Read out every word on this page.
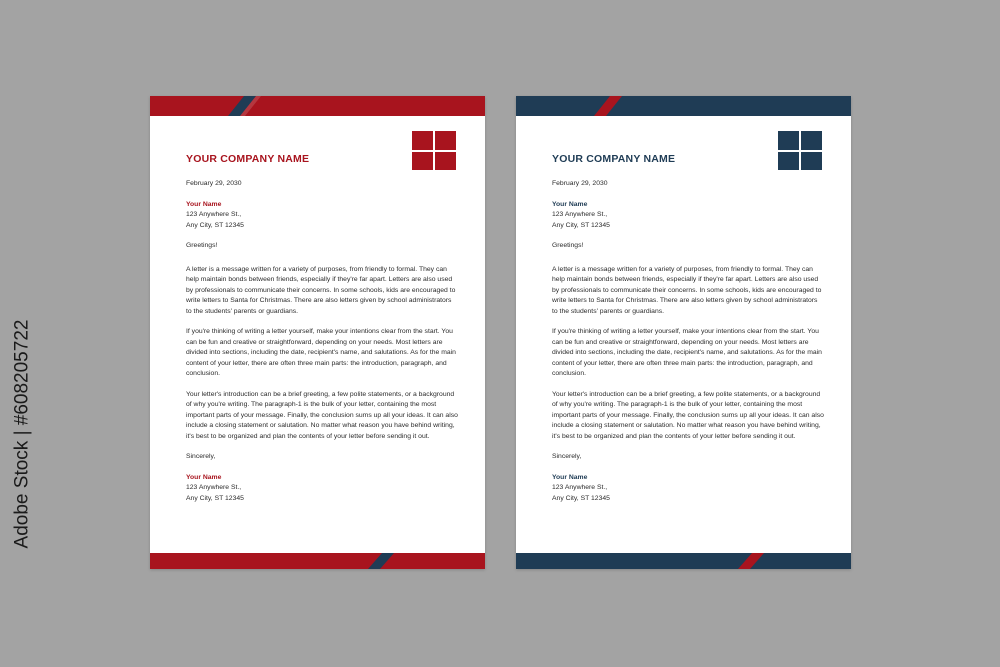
YOUR COMPANY NAME

February 29, 2030

Your Name

123 Anywhere St.,

Any City, ST 12345

Greetings!

A letter is a message written for a variety of purposes, from friendly to formal. They can help maintain bonds between friends, especially if they're far apart. Letters are also used by professionals to communicate their concerns. In some schools, kids are encouraged to write letters to Santa for Christmas. There are also letters given by school administrators to the students' parents or guardians.

If you're thinking of writing a letter yourself, make your intentions clear from the start. You can be fun and creative or straightforward, depending on your needs. Most letters are divided into sections, including the date, recipient's name, and salutations. As for the main content of your letter, there are often three main parts: the introduction, paragraph, and conclusion.

Your letter's introduction can be a brief greeting, a few polite statements, or a background of why you're writing. The paragraph-1 is the bulk of your letter, containing the most important parts of your message. Finally, the conclusion sums up all your ideas. It can also include a closing statement or salutation. No matter what reason you have behind writing, it's best to be organized and plan the contents of your letter before sending it out.

Sincerely,

Your Name

123 Anywhere St.,

Any City, ST 12345

YOUR COMPANY NAME

February 29, 2030

Your Name

123 Anywhere St.,

Any City, ST 12345

Greetings!

A letter is a message written for a variety of purposes, from friendly to formal. They can help maintain bonds between friends, especially if they're far apart. Letters are also used by professionals to communicate their concerns. In some schools, kids are encouraged to write letters to Santa for Christmas. There are also letters given by school administrators to the students' parents or guardians.

If you're thinking of writing a letter yourself, make your intentions clear from the start. You can be fun and creative or straightforward, depending on your needs. Most letters are divided into sections, including the date, recipient's name, and salutations. As for the main content of your letter, there are often three main parts: the introduction, paragraph, and conclusion.

Your letter's introduction can be a brief greeting, a few polite statements, or a background of why you're writing. The paragraph-1 is the bulk of your letter, containing the most important parts of your message. Finally, the conclusion sums up all your ideas. It can also include a closing statement or salutation. No matter what reason you have behind writing, it's best to be organized and plan the contents of your letter before sending it out.

Sincerely,

Your Name

123 Anywhere St.,

Any City, ST 12345

Adobe Stock | #608205722
